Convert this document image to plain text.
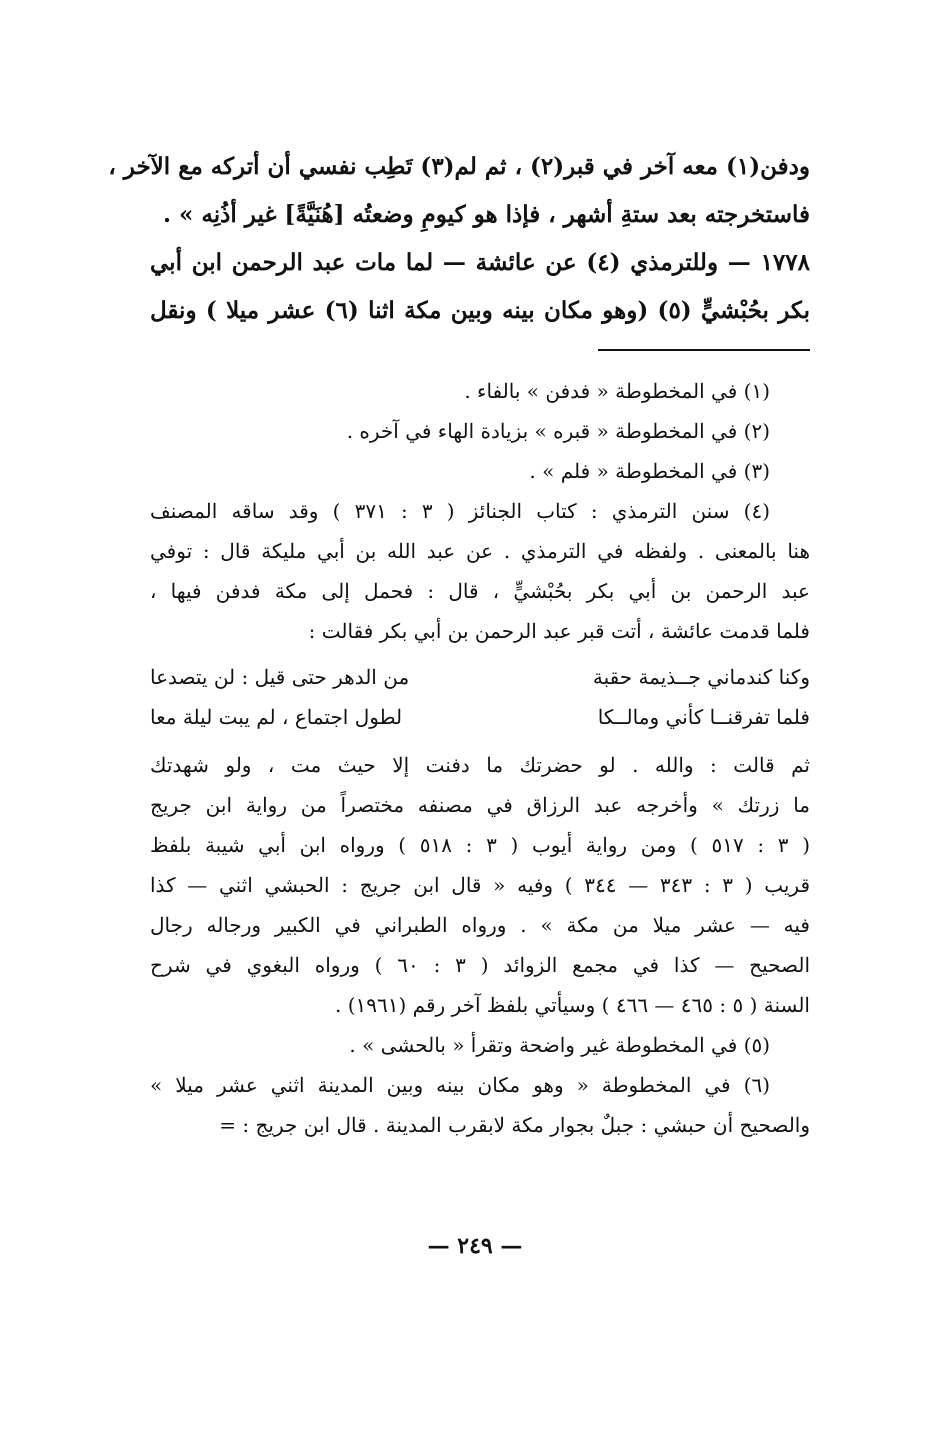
ودفن(١) معه آخر في قبر(٢) ، ثم لم(٣) تَطِب نفسي أن أتركه مع الآخر ،
فاستخرجته بعد ستةِ أشهر ، فإذا هو كيومِ وضعتُه [هُنَيَّةً] غير أذُنِه » .
١٧٧٨ — وللترمذي (٤) عن عائشة — لما مات عبد الرحمن ابن أبي
بكر بحُبْشيٍّ (٥) (وهو مكان بينه وبين مكة اثنا (٦) عشر ميلا ) ونقل
(١) في المخطوطة « فدفن » بالفاء .
(٢) في المخطوطة « قبره » بزيادة الهاء في آخره .
(٣) في المخطوطة « فلم » .
(٤) سنن الترمذي : كتاب الجنائز ( ٣ : ٣٧١ ) وقد ساقه المصنف
هنا بالمعنى . ولفظه في الترمذي . عن عبد الله بن أبي مليكة قال : توفي
عبد الرحمن بن أبي بكر بحُبْشيٍّ ، قال : فحمل إلى مكة فدفن فيها ،
فلما قدمت عائشة ، أتت قبر عبد الرحمن بن أبي بكر فقالت :
وكنا كندماني جــذيمة حقبة
من الدهر حتى قيل : لن يتصدعا
فلما تفرقنــا كأني ومالــكا
لطول اجتماع ، لم يبت ليلة معا
ثم قالت : والله . لو حضرتك ما دفنت إلا حيث مت ، ولو شهدتك
ما زرتك » وأخرجه عبد الرزاق في مصنفه مختصراً من رواية ابن جريج
( ٣ : ٥١٧ ) ومن رواية أيوب ( ٣ : ٥١٨ ) ورواه ابن أبي شيبة بلفظ
قريب ( ٣ : ٣٤٣ — ٣٤٤ ) وفيه « قال ابن جريج : الحبشي اثني — كذا
فيه — عشر ميلا من مكة » . ورواه الطبراني في الكبير ورجاله رجال
الصحيح — كذا في مجمع الزوائد ( ٣ : ٦٠ ) ورواه البغوي في شرح
السنة ( ٥ : ٤٦٥ — ٤٦٦ ) وسيأتي بلفظ آخر رقم (١٩٦١) .
(٥) في المخطوطة غير واضحة وتقرأ « بالحشى » .
(٦) في المخطوطة « وهو مكان بينه وبين المدينة اثني عشر ميلا »
والصحيح أن حبشي : جبلٌ بجوار مكة لابقرب المدينة . قال ابن جريج : =
— ٢٤٩ —
